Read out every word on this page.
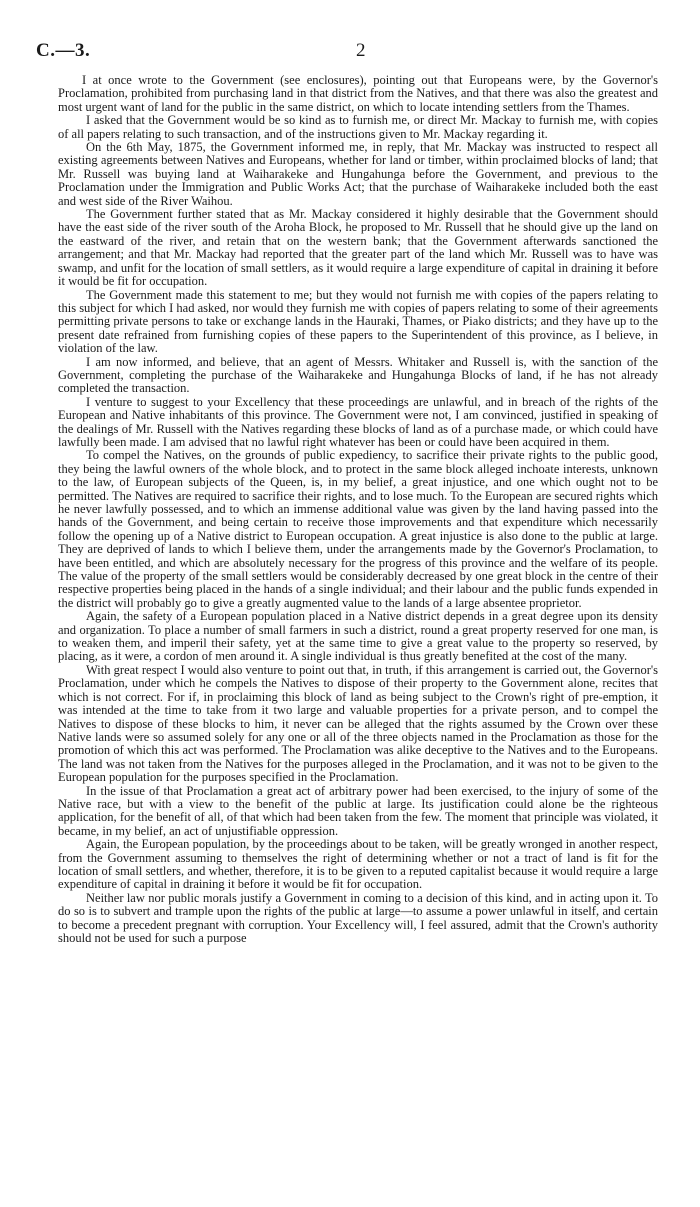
C.—3.	2

I at once wrote to the Government (see enclosures), pointing out that Europeans were, by the Governor's Proclamation, prohibited from purchasing land in that district from the Natives, and that there was also the greatest and most urgent want of land for the public in the same district, on which to locate intending settlers from the Thames.

I asked that the Government would be so kind as to furnish me, or direct Mr. Mackay to furnish me, with copies of all papers relating to such transaction, and of the instructions given to Mr. Mackay regarding it.

On the 6th May, 1875, the Government informed me, in reply, that Mr. Mackay was instructed to respect all existing agreements between Natives and Europeans, whether for land or timber, within proclaimed blocks of land; that Mr. Russell was buying land at Waiharakeke and Hungahunga before the Government, and previous to the Proclamation under the Immigration and Public Works Act; that the purchase of Waiharakeke included both the east and west side of the River Waihou.

The Government further stated that as Mr. Mackay considered it highly desirable that the Government should have the east side of the river south of the Aroha Block, he proposed to Mr. Russell that he should give up the land on the eastward of the river, and retain that on the western bank; that the Government afterwards sanctioned the arrangement; and that Mr. Mackay had reported that the greater part of the land which Mr. Russell was to have was swamp, and unfit for the location of small settlers, as it would require a large expenditure of capital in draining it before it would be fit for occupation.

The Government made this statement to me; but they would not furnish me with copies of the papers relating to this subject for which I had asked, nor would they furnish me with copies of papers relating to some of their agreements permitting private persons to take or exchange lands in the Hauraki, Thames, or Piako districts; and they have up to the present date refrained from furnishing copies of these papers to the Superintendent of this province, as I believe, in violation of the law.

I am now informed, and believe, that an agent of Messrs. Whitaker and Russell is, with the sanction of the Government, completing the purchase of the Waiharakeke and Hungahunga Blocks of land, if he has not already completed the transaction.

I venture to suggest to your Excellency that these proceedings are unlawful, and in breach of the rights of the European and Native inhabitants of this province. The Government were not, I am convinced, justified in speaking of the dealings of Mr. Russell with the Natives regarding these blocks of land as of a purchase made, or which could have lawfully been made. I am advised that no lawful right whatever has been or could have been acquired in them.

To compel the Natives, on the grounds of public expediency, to sacrifice their private rights to the public good, they being the lawful owners of the whole block, and to protect in the same block alleged inchoate interests, unknown to the law, of European subjects of the Queen, is, in my belief, a great injustice, and one which ought not to be permitted. The Natives are required to sacrifice their rights, and to lose much. To the European are secured rights which he never lawfully possessed, and to which an immense additional value was given by the land having passed into the hands of the Government, and being certain to receive those improvements and that expenditure which necessarily follow the opening up of a Native district to European occupation. A great injustice is also done to the public at large. They are deprived of lands to which I believe them, under the arrangements made by the Governor's Proclamation, to have been entitled, and which are absolutely necessary for the progress of this province and the welfare of its people. The value of the property of the small settlers would be considerably decreased by one great block in the centre of their respective properties being placed in the hands of a single individual; and their labour and the public funds expended in the district will probably go to give a greatly augmented value to the lands of a large absentee proprietor.

Again, the safety of a European population placed in a Native district depends in a great degree upon its density and organization. To place a number of small farmers in such a district, round a great property reserved for one man, is to weaken them, and imperil their safety, yet at the same time to give a great value to the property so reserved, by placing, as it were, a cordon of men around it. A single individual is thus greatly benefited at the cost of the many.

With great respect I would also venture to point out that, in truth, if this arrangement is carried out, the Governor's Proclamation, under which he compels the Natives to dispose of their property to the Government alone, recites that which is not correct. For if, in proclaiming this block of land as being subject to the Crown's right of pre-emption, it was intended at the time to take from it two large and valuable properties for a private person, and to compel the Natives to dispose of these blocks to him, it never can be alleged that the rights assumed by the Crown over these Native lands were so assumed solely for any one or all of the three objects named in the Proclamation as those for the promotion of which this act was performed. The Proclamation was alike deceptive to the Natives and to the Europeans. The land was not taken from the Natives for the purposes alleged in the Proclamation, and it was not to be given to the European population for the purposes specified in the Proclamation.

In the issue of that Proclamation a great act of arbitrary power had been exercised, to the injury of some of the Native race, but with a view to the benefit of the public at large. Its justification could alone be the righteous application, for the benefit of all, of that which had been taken from the few. The moment that principle was violated, it became, in my belief, an act of unjustifiable oppression.

Again, the European population, by the proceedings about to be taken, will be greatly wronged in another respect, from the Government assuming to themselves the right of determining whether or not a tract of land is fit for the location of small settlers, and whether, therefore, it is to be given to a reputed capitalist because it would require a large expenditure of capital in draining it before it would be fit for occupation.

Neither law nor public morals justify a Government in coming to a decision of this kind, and in acting upon it. To do so is to subvert and trample upon the rights of the public at large—to assume a power unlawful in itself, and certain to become a precedent pregnant with corruption. Your Excellency will, I feel assured, admit that the Crown's authority should not be used for such a purpose
